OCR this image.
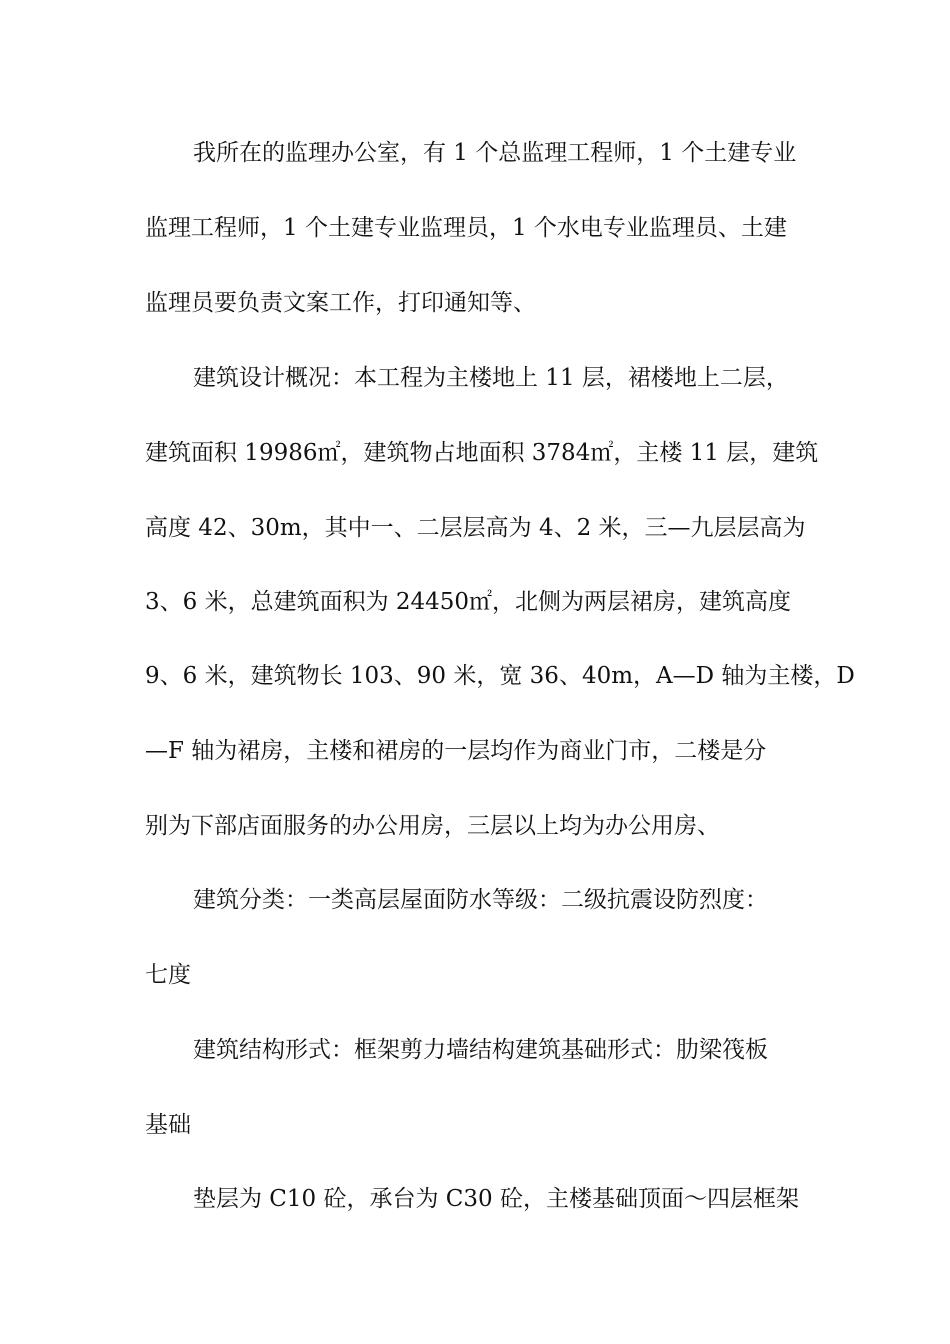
我所在的监理办公室，有 1 个总监理工程师，1 个土建专业
监理工程师，1 个土建专业监理员，1 个水电专业监理员、土建
监理员要负责文案工作，打印通知等、
建筑设计概况：本工程为主楼地上 11 层，裙楼地上二层，
建筑面积 19986㎡，建筑物占地面积 3784㎡，主楼 11 层，建筑
高度 42、30m，其中一、二层层高为 4、2 米，三—九层层高为
3、6 米，总建筑面积为 24450㎡，北侧为两层裙房，建筑高度
9、6 米，建筑物长 103、90 米，宽 36、40m，A—D 轴为主楼，D
—F 轴为裙房，主楼和裙房的一层均作为商业门市，二楼是分
别为下部店面服务的办公用房，三层以上均为办公用房、
建筑分类：一类高层屋面防水等级：二级抗震设防烈度：
七度
建筑结构形式：框架剪力墙结构建筑基础形式：肋梁筏板
基础
垫层为 C10 砼，承台为 C30 砼，主楼基础顶面～四层框架
